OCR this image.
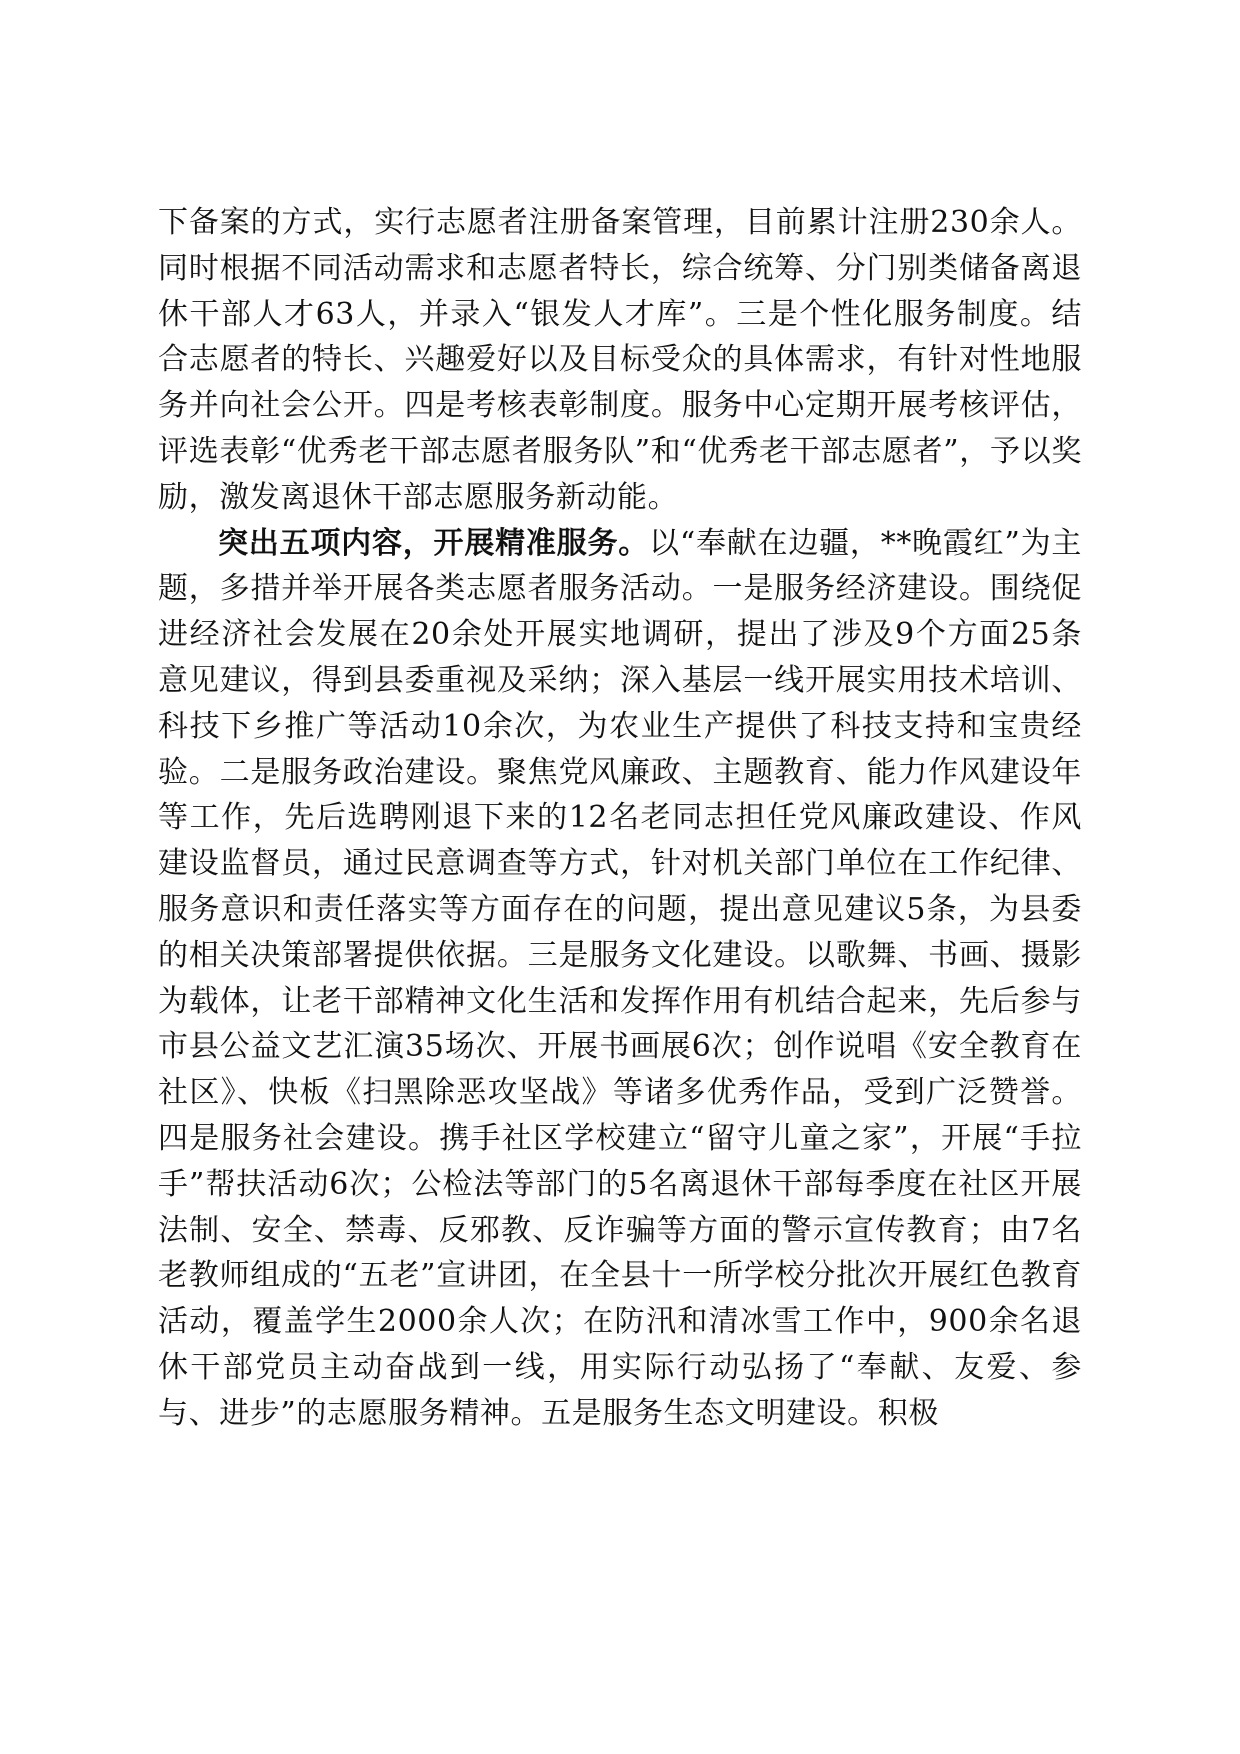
下备案的方式，实行志愿者注册备案管理，目前累计注册230余人。同时根据不同活动需求和志愿者特长，综合统筹、分门别类储备离退休干部人才63人，并录入“银发人才库”。三是个性化服务制度。结合志愿者的特长、兴趣爱好以及目标受众的具体需求，有针对性地服务并向社会公开。四是考核表彰制度。服务中心定期开展考核评估，评选表彰“优秀老干部志愿者服务队”和“优秀老干部志愿者”，予以奖励，激发离退休干部志愿服务新动能。

突出五项内容，开展精准服务。以“奉献在边疆，**晚霞红”为主题，多措并举开展各类志愿者服务活动。一是服务经济建设。围绕促进经济社会发展在20余处开展实地调研，提出了涉及9个方面25条意见建议，得到县委重视及采纳；深入基层一线开展实用技术培训、科技下乡推广等活动10余次，为农业生产提供了科技支持和宝贵经验。二是服务政治建设。聚焦党风廉政、主题教育、能力作风建设年等工作，先后选聘刚退下来的12名老同志担任党风廉政建设、作风建设监督员，通过民意调查等方式，针对机关部门单位在工作纪律、服务意识和责任落实等方面存在的问题，提出意见建议5条，为县委的相关决策部署提供依据。三是服务文化建设。以歌舞、书画、摄影为载体，让老干部精神文化生活和发挥作用有机结合起来，先后参与市县公益文艺汇演35场次、开展书画展6次；创作说唱《安全教育在社区》、快板《扫黑除恶攻坚战》等诸多优秀作品，受到广泛赞誉。四是服务社会建设。携手社区学校建立“留守儿童之家”，开展“手拉手”帮扶活动6次；公检法等部门的5名离退休干部每季度在社区开展法制、安全、禁毒、反邪教、反诈骗等方面的警示宣传教育；由7名老教师组成的“五老”宣讲团，在全县十一所学校分批次开展红色教育活动，覆盖学生2000余人次；在防汛和清冰雪工作中，900余名退休干部党员主动奋战到一线，用实际行动弘扬了“奉献、友爱、参与、进步”的志愿服务精神。五是服务生态文明建设。积极
